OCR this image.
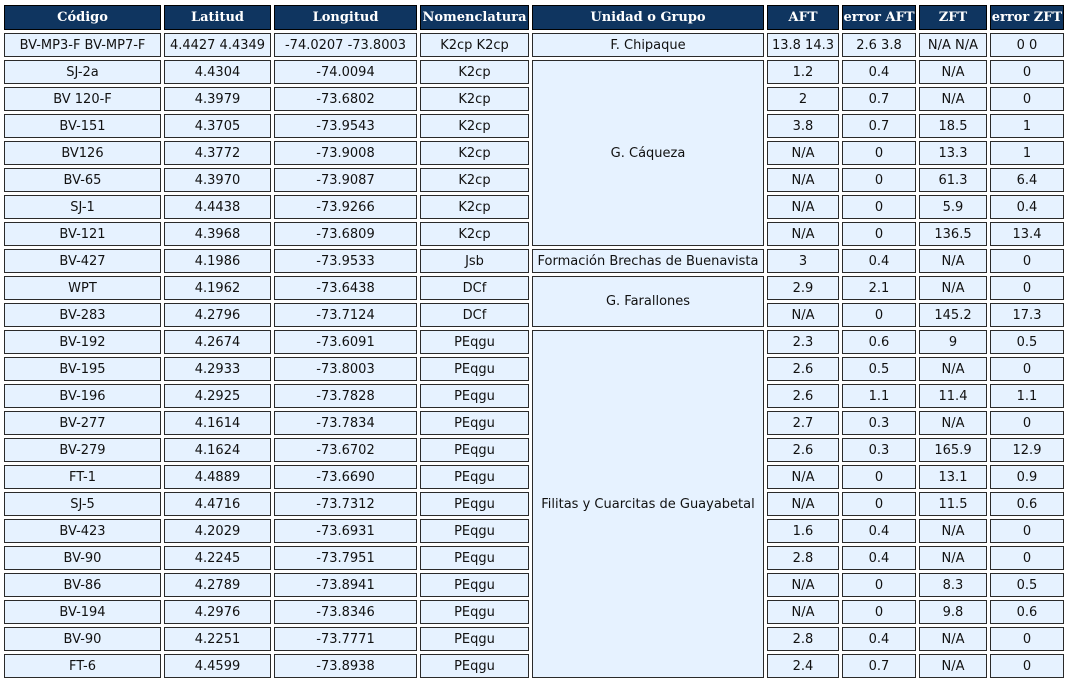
Código	Latitud	Longitud	Nomenclatura	Unidad o Grupo	AFT	error AFT	ZFT	error ZFT
BV-MP3-F BV-MP7-F	4.4427 4.4349	-74.0207 -73.8003	K2cp K2cp	F. Chipaque	13.8 14.3	2.6 3.8	N/A N/A	0 0
SJ-2a	4.4304	-74.0094	K2cp	G. Cáqueza	1.2	0.4	N/A	0
BV 120-F	4.3979	-73.6802	K2cp		2	0.7	N/A	0
BV-151	4.3705	-73.9543	K2cp		3.8	0.7	18.5	1
BV126	4.3772	-73.9008	K2cp		N/A	0	13.3	1
BV-65	4.3970	-73.9087	K2cp		N/A	0	61.3	6.4
SJ-1	4.4438	-73.9266	K2cp		N/A	0	5.9	0.4
BV-121	4.3968	-73.6809	K2cp		N/A	0	136.5	13.4
BV-427	4.1986	-73.9533	Jsb	Formación Brechas de Buenavista	3	0.4	N/A	0
WPT	4.1962	-73.6438	DCf	G. Farallones	2.9	2.1	N/A	0
BV-283	4.2796	-73.7124	DCf		N/A	0	145.2	17.3
BV-192	4.2674	-73.6091	PEqgu	Filitas y Cuarcitas de Guayabetal	2.3	0.6	9	0.5
BV-195	4.2933	-73.8003	PEqgu		2.6	0.5	N/A	0
BV-196	4.2925	-73.7828	PEqgu		2.6	1.1	11.4	1.1
BV-277	4.1614	-73.7834	PEqgu		2.7	0.3	N/A	0
BV-279	4.1624	-73.6702	PEqgu		2.6	0.3	165.9	12.9
FT-1	4.4889	-73.6690	PEqgu		N/A	0	13.1	0.9
SJ-5	4.4716	-73.7312	PEqgu		N/A	0	11.5	0.6
BV-423	4.2029	-73.6931	PEqgu		1.6	0.4	N/A	0
BV-90	4.2245	-73.7951	PEqgu		2.8	0.4	N/A	0
BV-86	4.2789	-73.8941	PEqgu		N/A	0	8.3	0.5
BV-194	4.2976	-73.8346	PEqgu		N/A	0	9.8	0.6
BV-90	4.2251	-73.7771	PEqgu		2.8	0.4	N/A	0
FT-6	4.4599	-73.8938	PEqgu		2.4	0.7	N/A	0
